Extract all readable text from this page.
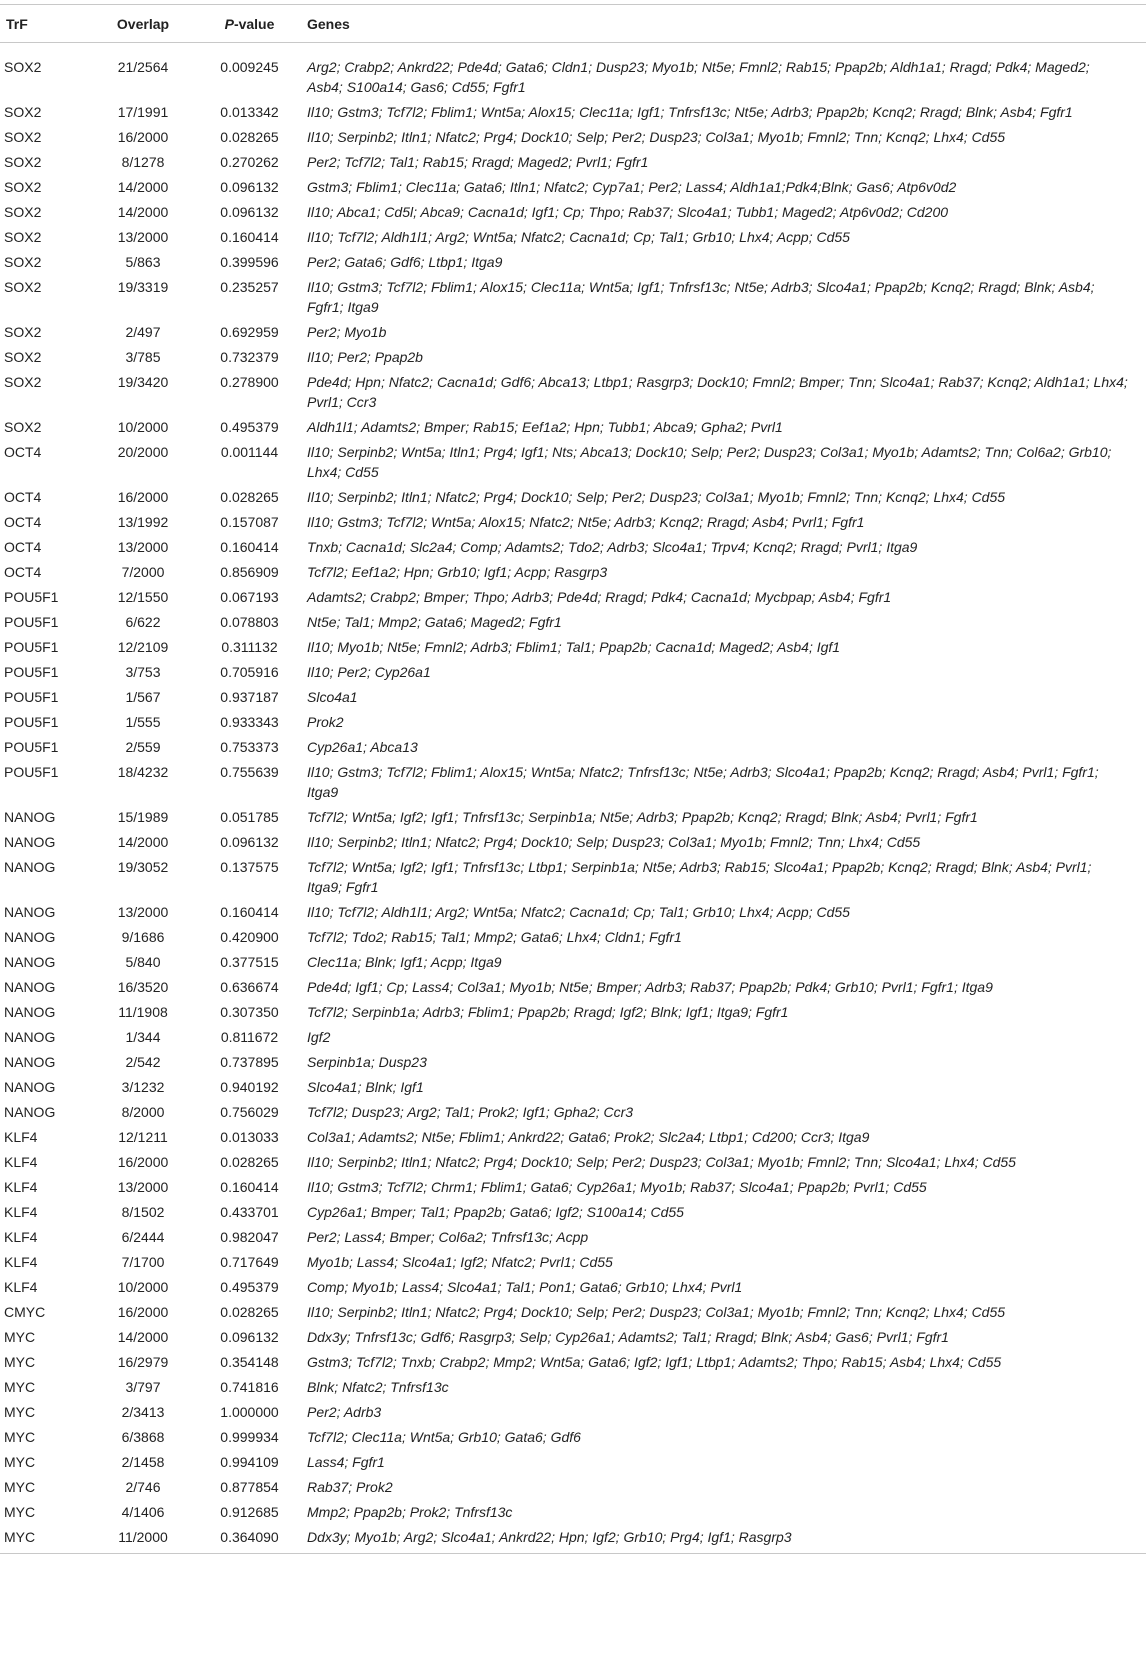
TrF	Overlap	P-value	Genes
SOX2	21/2564	0.009245	Arg2; Crabp2; Ankrd22; Pde4d; Gata6; Cldn1; Dusp23; Myo1b; Nt5e; Fmnl2; Rab15; Ppap2b; Aldh1a1; Rragd; Pdk4; Maged2; Asb4; S100a14; Gas6; Cd55; Fgfr1
SOX2	17/1991	0.013342	Il10; Gstm3; Tcf7l2; Fblim1; Wnt5a; Alox15; Clec11a; Igf1; Tnfrsf13c; Nt5e; Adrb3; Ppap2b; Kcnq2; Rragd; Blnk; Asb4; Fgfr1
SOX2	16/2000	0.028265	Il10; Serpinb2; Itln1; Nfatc2; Prg4; Dock10; Selp; Per2; Dusp23; Col3a1; Myo1b; Fmnl2; Tnn; Kcnq2; Lhx4; Cd55
SOX2	8/1278	0.270262	Per2; Tcf7l2; Tal1; Rab15; Rragd; Maged2; Pvrl1; Fgfr1
SOX2	14/2000	0.096132	Gstm3; Fblim1; Clec11a; Gata6; Itln1; Nfatc2; Cyp7a1; Per2; Lass4; Aldh1a1;Pdk4;Blnk; Gas6; Atp6v0d2
SOX2	14/2000	0.096132	Il10; Abca1; Cd5l; Abca9; Cacna1d; Igf1; Cp; Thpo; Rab37; Slco4a1; Tubb1; Maged2; Atp6v0d2; Cd200
SOX2	13/2000	0.160414	Il10; Tcf7l2; Aldh1l1; Arg2; Wnt5a; Nfatc2; Cacna1d; Cp; Tal1; Grb10; Lhx4; Acpp; Cd55
SOX2	5/863	0.399596	Per2; Gata6; Gdf6; Ltbp1; Itga9
SOX2	19/3319	0.235257	Il10; Gstm3; Tcf7l2; Fblim1; Alox15; Clec11a; Wnt5a; Igf1; Tnfrsf13c; Nt5e; Adrb3; Slco4a1; Ppap2b; Kcnq2; Rragd; Blnk; Asb4; Fgfr1; Itga9
SOX2	2/497	0.692959	Per2; Myo1b
SOX2	3/785	0.732379	Il10; Per2; Ppap2b
SOX2	19/3420	0.278900	Pde4d; Hpn; Nfatc2; Cacna1d; Gdf6; Abca13; Ltbp1; Rasgrp3; Dock10; Fmnl2; Bmper; Tnn; Slco4a1; Rab37; Kcnq2; Aldh1a1; Lhx4; Pvrl1; Ccr3
SOX2	10/2000	0.495379	Aldh1l1; Adamts2; Bmper; Rab15; Eef1a2; Hpn; Tubb1; Abca9; Gpha2; Pvrl1
OCT4	20/2000	0.001144	Il10; Serpinb2; Wnt5a; Itln1; Prg4; Igf1; Nts; Abca13; Dock10; Selp; Per2; Dusp23; Col3a1; Myo1b; Adamts2; Tnn; Col6a2; Grb10; Lhx4; Cd55
OCT4	16/2000	0.028265	Il10; Serpinb2; Itln1; Nfatc2; Prg4; Dock10; Selp; Per2; Dusp23; Col3a1; Myo1b; Fmnl2; Tnn; Kcnq2; Lhx4; Cd55
OCT4	13/1992	0.157087	Il10; Gstm3; Tcf7l2; Wnt5a; Alox15; Nfatc2; Nt5e; Adrb3; Kcnq2; Rragd; Asb4; Pvrl1; Fgfr1
OCT4	13/2000	0.160414	Tnxb; Cacna1d; Slc2a4; Comp; Adamts2; Tdo2; Adrb3; Slco4a1; Trpv4; Kcnq2; Rragd; Pvrl1; Itga9
OCT4	7/2000	0.856909	Tcf7l2; Eef1a2; Hpn; Grb10; Igf1; Acpp; Rasgrp3
POU5F1	12/1550	0.067193	Adamts2; Crabp2; Bmper; Thpo; Adrb3; Pde4d; Rragd; Pdk4; Cacna1d; Mycbpap; Asb4; Fgfr1
POU5F1	6/622	0.078803	Nt5e; Tal1; Mmp2; Gata6; Maged2; Fgfr1
POU5F1	12/2109	0.311132	Il10; Myo1b; Nt5e; Fmnl2; Adrb3; Fblim1; Tal1; Ppap2b; Cacna1d; Maged2; Asb4; Igf1
POU5F1	3/753	0.705916	Il10; Per2; Cyp26a1
POU5F1	1/567	0.937187	Slco4a1
POU5F1	1/555	0.933343	Prok2
POU5F1	2/559	0.753373	Cyp26a1; Abca13
POU5F1	18/4232	0.755639	Il10; Gstm3; Tcf7l2; Fblim1; Alox15; Wnt5a; Nfatc2; Tnfrsf13c; Nt5e; Adrb3; Slco4a1; Ppap2b; Kcnq2; Rragd; Asb4; Pvrl1; Fgfr1; Itga9
NANOG	15/1989	0.051785	Tcf7l2; Wnt5a; Igf2; Igf1; Tnfrsf13c; Serpinb1a; Nt5e; Adrb3; Ppap2b; Kcnq2; Rragd; Blnk; Asb4; Pvrl1; Fgfr1
NANOG	14/2000	0.096132	Il10; Serpinb2; Itln1; Nfatc2; Prg4; Dock10; Selp; Dusp23; Col3a1; Myo1b; Fmnl2; Tnn; Lhx4; Cd55
NANOG	19/3052	0.137575	Tcf7l2; Wnt5a; Igf2; Igf1; Tnfrsf13c; Ltbp1; Serpinb1a; Nt5e; Adrb3; Rab15; Slco4a1; Ppap2b; Kcnq2; Rragd; Blnk; Asb4; Pvrl1; Itga9; Fgfr1
NANOG	13/2000	0.160414	Il10; Tcf7l2; Aldh1l1; Arg2; Wnt5a; Nfatc2; Cacna1d; Cp; Tal1; Grb10; Lhx4; Acpp; Cd55
NANOG	9/1686	0.420900	Tcf7l2; Tdo2; Rab15; Tal1; Mmp2; Gata6; Lhx4; Cldn1; Fgfr1
NANOG	5/840	0.377515	Clec11a; Blnk; Igf1; Acpp; Itga9
NANOG	16/3520	0.636674	Pde4d; Igf1; Cp; Lass4; Col3a1; Myo1b; Nt5e; Bmper; Adrb3; Rab37; Ppap2b; Pdk4; Grb10; Pvrl1; Fgfr1; Itga9
NANOG	11/1908	0.307350	Tcf7l2; Serpinb1a; Adrb3; Fblim1; Ppap2b; Rragd; Igf2; Blnk; Igf1; Itga9; Fgfr1
NANOG	1/344	0.811672	Igf2
NANOG	2/542	0.737895	Serpinb1a; Dusp23
NANOG	3/1232	0.940192	Slco4a1; Blnk; Igf1
NANOG	8/2000	0.756029	Tcf7l2; Dusp23; Arg2; Tal1; Prok2; Igf1; Gpha2; Ccr3
KLF4	12/1211	0.013033	Col3a1; Adamts2; Nt5e; Fblim1; Ankrd22; Gata6; Prok2; Slc2a4; Ltbp1; Cd200; Ccr3; Itga9
KLF4	16/2000	0.028265	Il10; Serpinb2; Itln1; Nfatc2; Prg4; Dock10; Selp; Per2; Dusp23; Col3a1; Myo1b; Fmnl2; Tnn; Slco4a1; Lhx4; Cd55
KLF4	13/2000	0.160414	Il10; Gstm3; Tcf7l2; Chrm1; Fblim1; Gata6; Cyp26a1; Myo1b; Rab37; Slco4a1; Ppap2b; Pvrl1; Cd55
KLF4	8/1502	0.433701	Cyp26a1; Bmper; Tal1; Ppap2b; Gata6; Igf2; S100a14; Cd55
KLF4	6/2444	0.982047	Per2; Lass4; Bmper; Col6a2; Tnfrsf13c; Acpp
KLF4	7/1700	0.717649	Myo1b; Lass4; Slco4a1; Igf2; Nfatc2; Pvrl1; Cd55
KLF4	10/2000	0.495379	Comp; Myo1b; Lass4; Slco4a1; Tal1; Pon1; Gata6; Grb10; Lhx4; Pvrl1
CMYC	16/2000	0.028265	Il10; Serpinb2; Itln1; Nfatc2; Prg4; Dock10; Selp; Per2; Dusp23; Col3a1; Myo1b; Fmnl2; Tnn; Kcnq2; Lhx4; Cd55
MYC	14/2000	0.096132	Ddx3y; Tnfrsf13c; Gdf6; Rasgrp3; Selp; Cyp26a1; Adamts2; Tal1; Rragd; Blnk; Asb4; Gas6; Pvrl1; Fgfr1
MYC	16/2979	0.354148	Gstm3; Tcf7l2; Tnxb; Crabp2; Mmp2; Wnt5a; Gata6; Igf2; Igf1; Ltbp1; Adamts2; Thpo; Rab15; Asb4; Lhx4; Cd55
MYC	3/797	0.741816	Blnk; Nfatc2; Tnfrsf13c
MYC	2/3413	1.000000	Per2; Adrb3
MYC	6/3868	0.999934	Tcf7l2; Clec11a; Wnt5a; Grb10; Gata6; Gdf6
MYC	2/1458	0.994109	Lass4; Fgfr1
MYC	2/746	0.877854	Rab37; Prok2
MYC	4/1406	0.912685	Mmp2; Ppap2b; Prok2; Tnfrsf13c
MYC	11/2000	0.364090	Ddx3y; Myo1b; Arg2; Slco4a1; Ankrd22; Hpn; Igf2; Grb10; Prg4; Igf1; Rasgrp3
